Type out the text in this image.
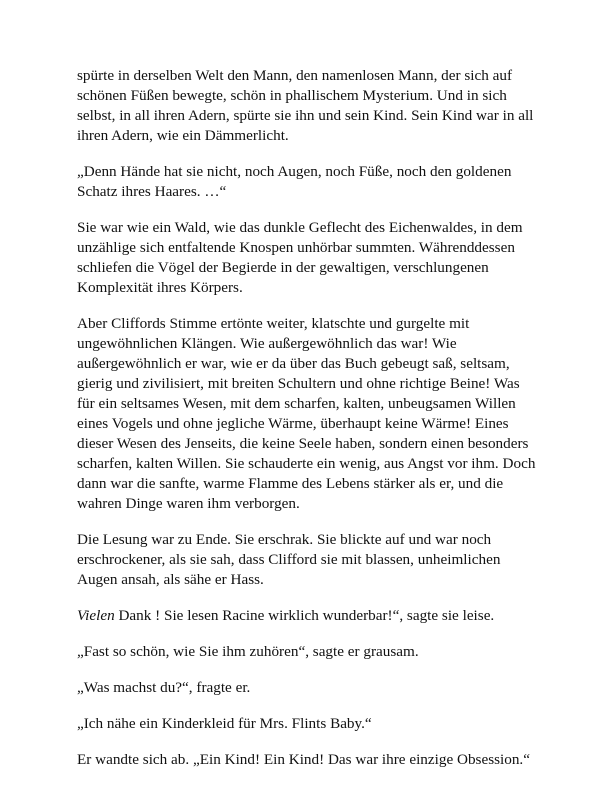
spürte in derselben Welt den Mann, den namenlosen Mann, der sich auf
schönen Füßen bewegte, schön in phallischem Mysterium. Und in sich
selbst, in all ihren Adern, spürte sie ihn und sein Kind. Sein Kind war in all
ihren Adern, wie ein Dämmerlicht.

„Denn Hände hat sie nicht, noch Augen, noch Füße, noch den goldenen
Schatz ihres Haares. …“

Sie war wie ein Wald, wie das dunkle Geflecht des Eichenwaldes, in dem
unzählige sich entfaltende Knospen unhörbar summten. Währenddessen
schliefen die Vögel der Begierde in der gewaltigen, verschlungenen
Komplexität ihres Körpers.

Aber Cliffords Stimme ertönte weiter, klatschte und gurgelte mit
ungewöhnlichen Klängen. Wie außergewöhnlich das war! Wie
außergewöhnlich er war, wie er da über das Buch gebeugt saß, seltsam,
gierig und zivilisiert, mit breiten Schultern und ohne richtige Beine! Was
für ein seltsames Wesen, mit dem scharfen, kalten, unbeugsamen Willen
eines Vogels und ohne jegliche Wärme, überhaupt keine Wärme! Eines
dieser Wesen des Jenseits, die keine Seele haben, sondern einen besonders
scharfen, kalten Willen. Sie schauderte ein wenig, aus Angst vor ihm. Doch
dann war die sanfte, warme Flamme des Lebens stärker als er, und die
wahren Dinge waren ihm verborgen.

Die Lesung war zu Ende. Sie erschrak. Sie blickte auf und war noch
erschrockener, als sie sah, dass Clifford sie mit blassen, unheimlichen
Augen ansah, als sähe er Hass.

Vielen Dank ! Sie lesen Racine wirklich wunderbar!“, sagte sie leise.

„Fast so schön, wie Sie ihm zuhören“, sagte er grausam.

„Was machst du?“, fragte er.

„Ich nähe ein Kinderkleid für Mrs. Flints Baby.“

Er wandte sich ab. „Ein Kind! Ein Kind! Das war ihre einzige Obsession.“
